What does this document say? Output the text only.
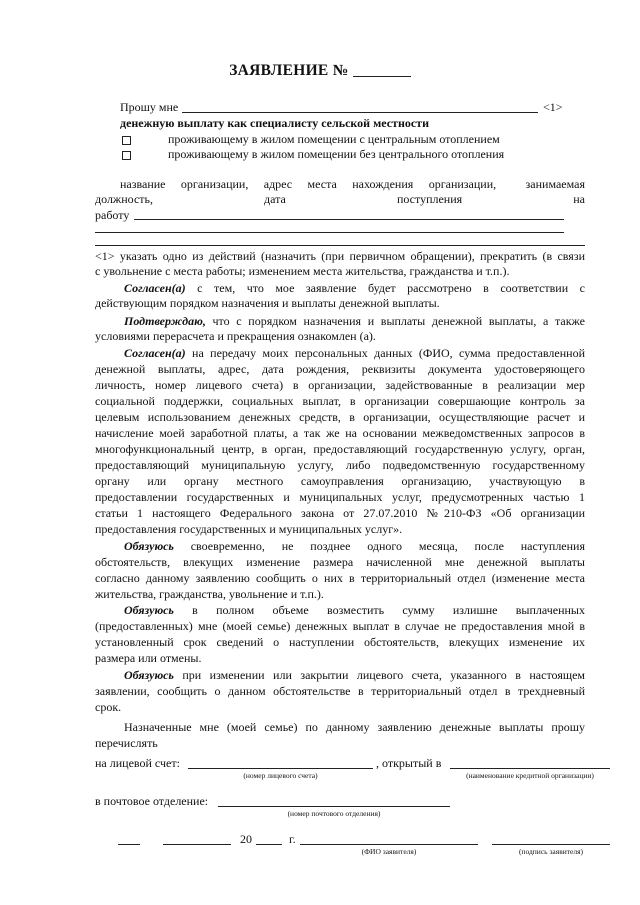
ЗАЯВЛЕНИЕ №
Прошу мне	<1>
денежную выплату как специалисту сельской местности
проживающему в жилом помещении с центральным отоплением
проживающему в жилом помещении без центрального отопления
название организации, адрес места нахождения организации, занимаемая
должность,	дата	поступления	на
работу
<1> указать одно из действий (назначить (при первичном обращении), прекратить (в связи
с увольнение с места работы; изменением места жительства, гражданства и т.п.).
Согласен(а) с тем, что мое заявление будет рассмотрено в соответствии с
действующим порядком назначения и выплаты денежной выплаты.
Подтверждаю, что с порядком назначения и выплаты денежной выплаты, а также
условиями перерасчета и прекращения ознакомлен (а).
Согласен(а) на передачу моих персональных данных (ФИО, сумма предоставленной
денежной выплаты, адрес, дата рождения, реквизиты документа удостоверяющего
личность, номер лицевого счета) в организации, задействованные в реализации мер
социальной поддержки, социальных выплат, в организации совершающие контроль за
целевым использованием денежных средств, в организации, осуществляющие расчет и
начисление моей заработной платы, а так же на основании межведомственных запросов в
многофункциональный центр, в орган, предоставляющий государственную услугу, орган,
предоставляющий муниципальную услугу, либо подведомственную государственному
органу или органу местного самоуправления организацию, участвующую в
предоставлении государственных и муниципальных услуг, предусмотренных частью 1
статьи 1 настоящего Федерального закона от 27.07.2010 №210-ФЗ «Об организации
предоставления государственных и муниципальных услуг».
Обязуюсь своевременно, не позднее одного месяца, после наступления
обстоятельств, влекущих изменение размера начисленной мне денежной выплаты
согласно данному заявлению сообщить о них в территориальный отдел (изменение места
жительства, гражданства, увольнение и т.п.).
Обязуюсь в полном объеме возместить сумму излишне выплаченных
(предоставленных) мне (моей семье) денежных выплат в случае не предоставления мной в
установленный срок сведений о наступлении обстоятельств, влекущих изменение их
размера или отмены.
Обязуюсь при изменении или закрытии лицевого счета, указанного в настоящем
заявлении, сообщить о данном обстоятельстве в территориальный отдел в трехдневный
срок.
Назначенные мне (моей семье) по данному заявлению денежные выплаты прошу
перечислять
на лицевой счет:
(номер лицевого счета)
, открытый в
(наименование кредитной организации)
в почтовое отделение:
(номер почтового отделения)
20	г.
(ФИО заявителя)	(подпись заявителя)
